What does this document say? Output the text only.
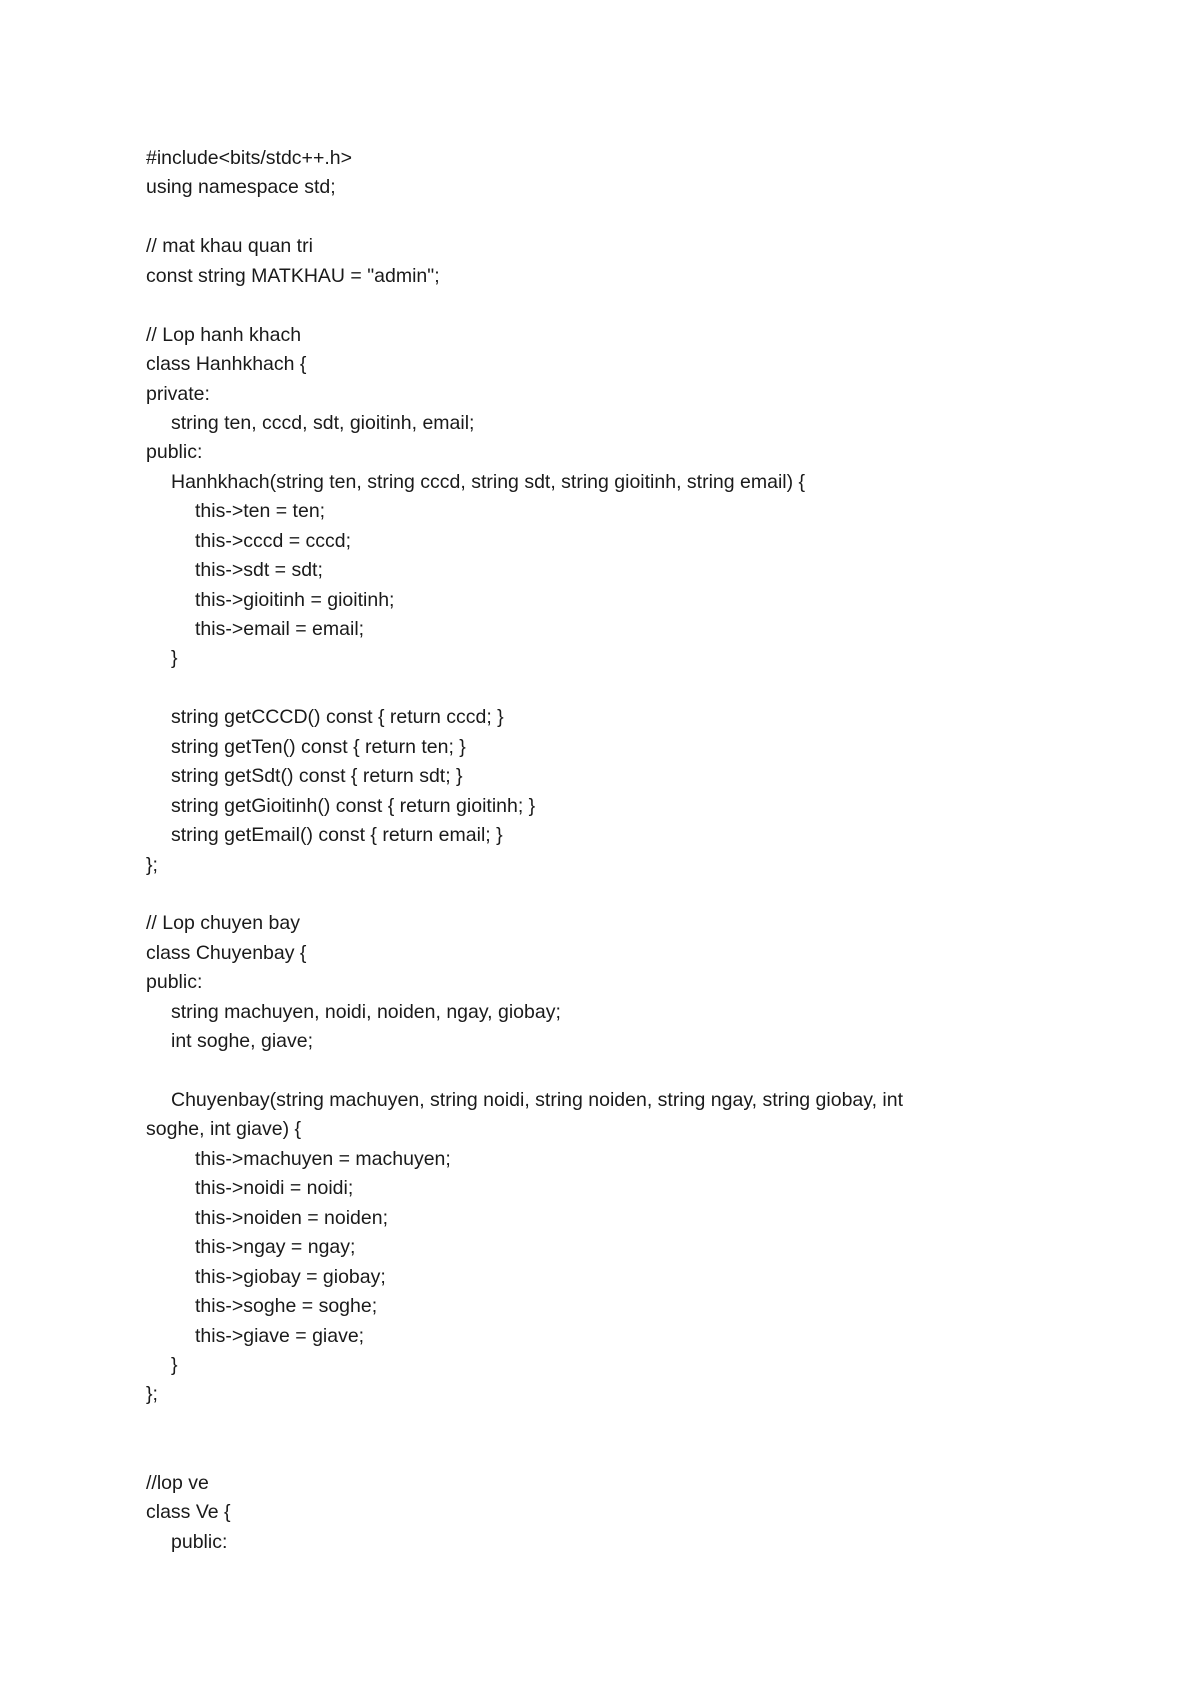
#include<bits/stdc++.h>
using namespace std;
// mat khau quan tri
const string MATKHAU = "admin";
// Lop hanh khach
class Hanhkhach {
private:
string ten, cccd, sdt, gioitinh, email;
public:
Hanhkhach(string ten, string cccd, string sdt, string gioitinh, string email) {
this->ten = ten;
this->cccd = cccd;
this->sdt = sdt;
this->gioitinh = gioitinh;
this->email = email;
}
string getCCCD() const { return cccd; }
string getTen() const { return ten; }
string getSdt() const { return sdt; }
string getGioitinh() const { return gioitinh; }
string getEmail() const { return email; }
};
// Lop chuyen bay
class Chuyenbay {
public:
string machuyen, noidi, noiden, ngay, giobay;
int soghe, giave;
Chuyenbay(string machuyen, string noidi, string noiden, string ngay, string giobay, int
soghe, int giave) {
this->machuyen = machuyen;
this->noidi = noidi;
this->noiden = noiden;
this->ngay = ngay;
this->giobay = giobay;
this->soghe = soghe;
this->giave = giave;
}
};
//lop ve
class Ve {
public:
